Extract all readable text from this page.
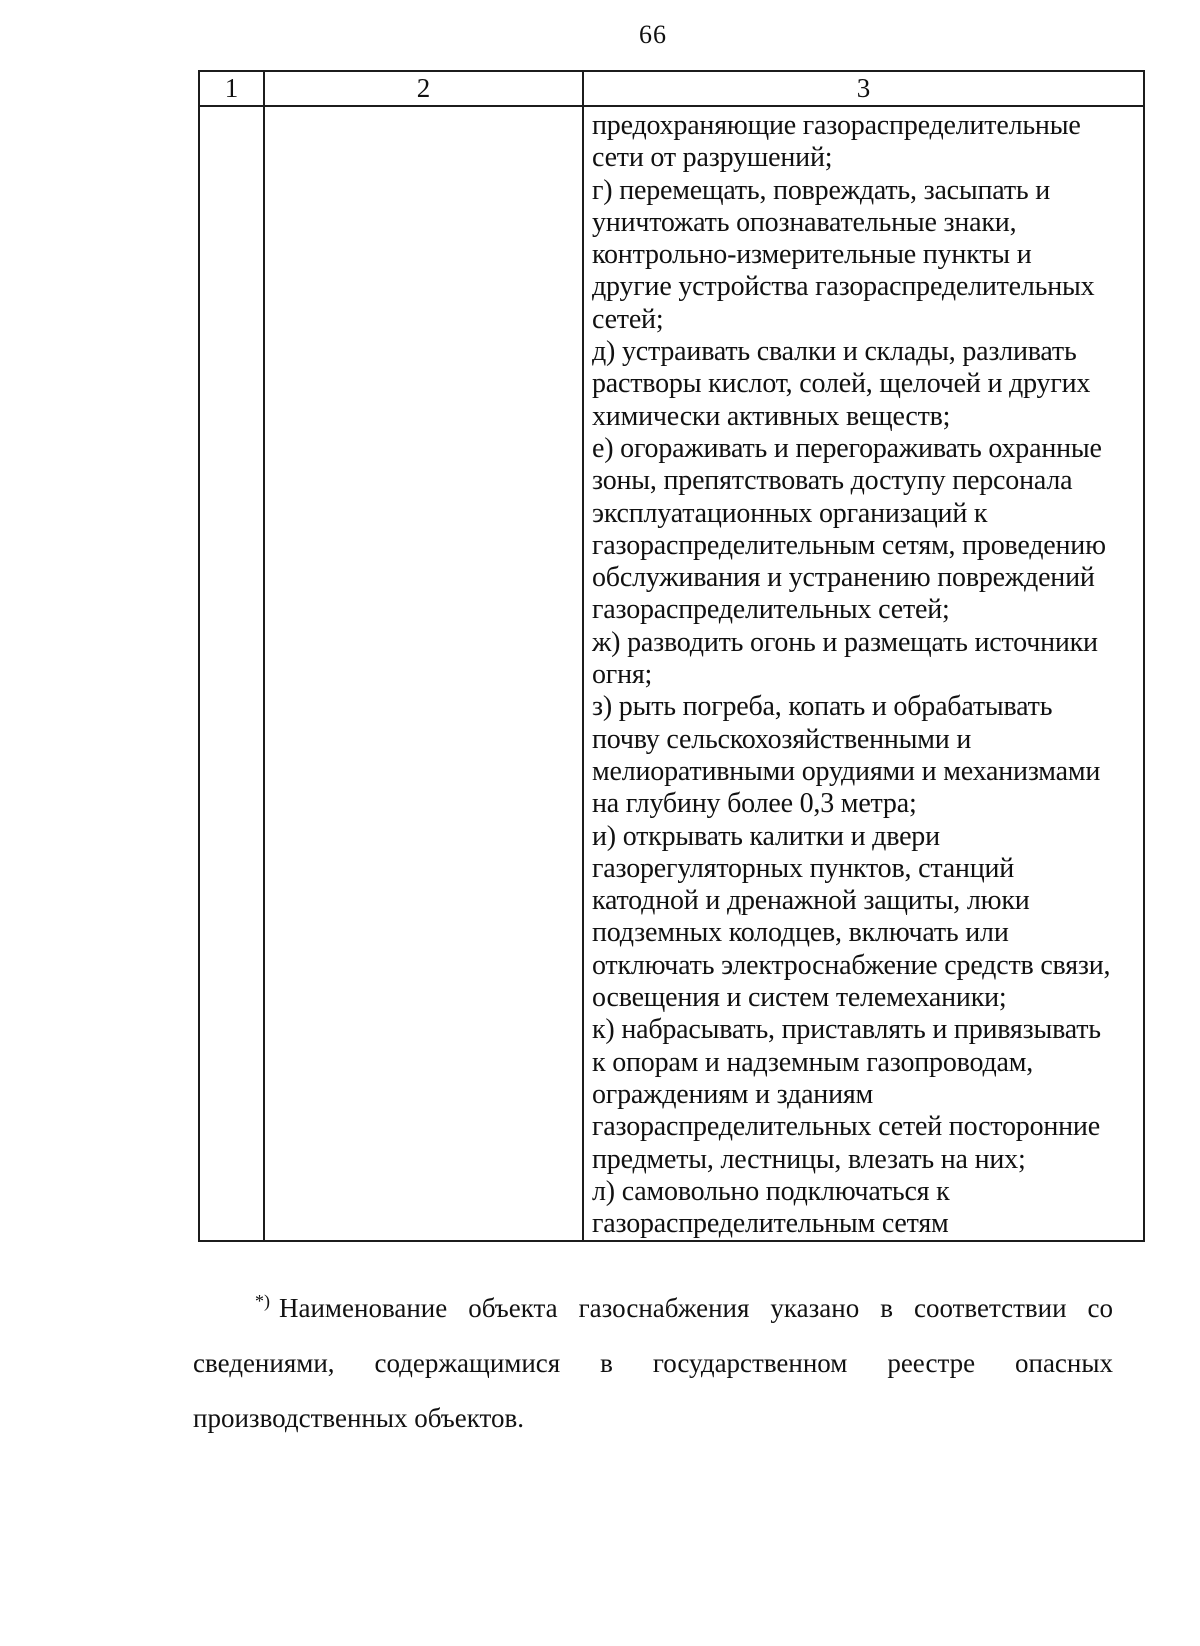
66
1	2	3
предохраняющие газораспределительные
сети от разрушений;
г) перемещать, повреждать, засыпать и
уничтожать опознавательные знаки,
контрольно-измерительные пункты и
другие устройства газораспределительных
сетей;
д) устраивать свалки и склады, разливать
растворы кислот, солей, щелочей и других
химически активных веществ;
е) огораживать и перегораживать охранные
зоны, препятствовать доступу персонала
эксплуатационных организаций к
газораспределительным сетям, проведению
обслуживания и устранению повреждений
газораспределительных сетей;
ж) разводить огонь и размещать источники
огня;
з) рыть погреба, копать и обрабатывать
почву сельскохозяйственными и
мелиоративными орудиями и механизмами
на глубину более 0,3 метра;
и) открывать калитки и двери
газорегуляторных пунктов, станций
катодной и дренажной защиты, люки
подземных колодцев, включать или
отключать электроснабжение средств связи,
освещения и систем телемеханики;
к) набрасывать, приставлять и привязывать
к опорам и надземным газопроводам,
ограждениям и зданиям
газораспределительных сетей посторонние
предметы, лестницы, влезать на них;
л) самовольно подключаться к
газораспределительным сетям
*) Наименование объекта газоснабжения указано в соответствии со
сведениями, содержащимися в государственном реестре опасных
производственных объектов.
